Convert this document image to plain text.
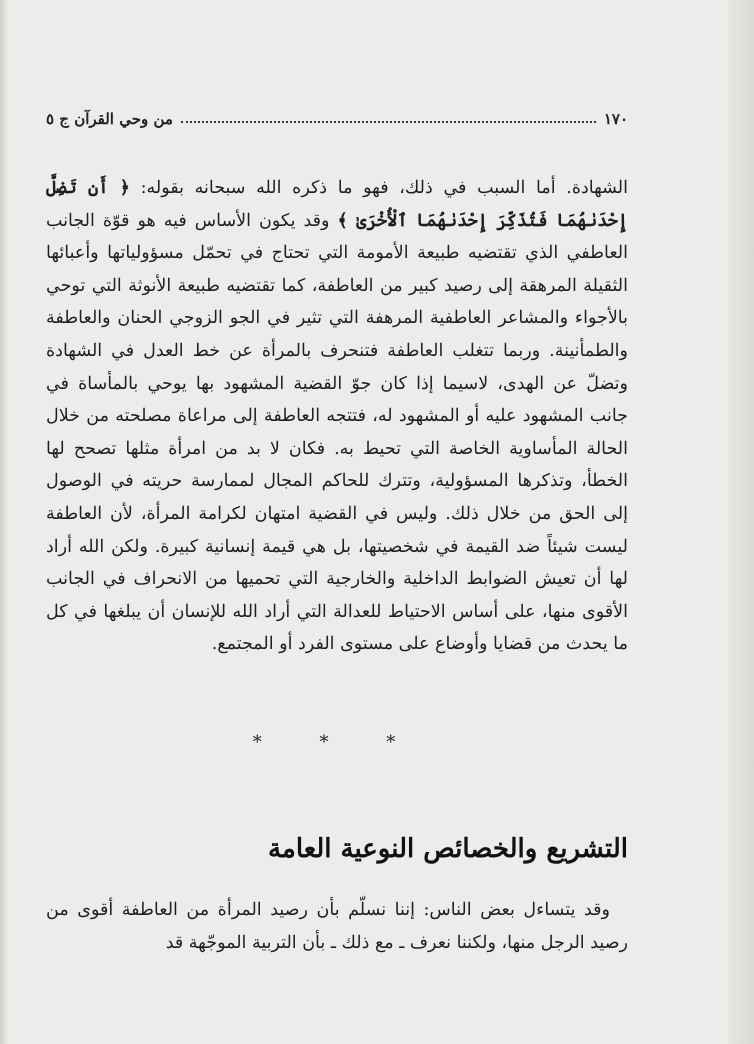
١٧٠
من وحي القرآن ج ٥

الشهادة. أما السبب في ذلك، فهو ما ذكره الله سبحانه بقوله: ﴿ أَن تَضِلَّ إِحْدَىٰهُمَا فَتُذَكِّرَ إِحْدَىٰهُمَا ٱلْأُخْرَىٰ ﴾ وقد يكون الأساس فيه هو قوّة الجانب العاطفي الذي تقتضيه طبيعة الأمومة التي تحتاج في تحمّل مسؤولياتها وأعبائها الثقيلة المرهقة إلى رصيد كبير من العاطفة، كما تقتضيه طبيعة الأنوثة التي توحي بالأجواء والمشاعر العاطفية المرهفة التي تثير في الجو الزوجي الحنان والعاطفة والطمأنينة. وربما تتغلب العاطفة فتنحرف بالمرأة عن خط العدل في الشهادة وتضلّ عن الهدى، لاسيما إذا كان جوّ القضية المشهود بها يوحي بالمأساة في جانب المشهود عليه أو المشهود له، فتتجه العاطفة إلى مراعاة مصلحته من خلال الحالة المأساوية الخاصة التي تحيط به. فكان لا بد من امرأة مثلها تصحح لها الخطأ، وتذكرها المسؤولية، وتترك للحاكم المجال لممارسة حريته في الوصول إلى الحق من خلال ذلك. وليس في القضية امتهان لكرامة المرأة، لأن العاطفة ليست شيئاً ضد القيمة في شخصيتها، بل هي قيمة إنسانية كبيرة. ولكن الله أراد لها أن تعيش الضوابط الداخلية والخارجية التي تحميها من الانحراف في الجانب الأقوى منها، على أساس الاحتياط للعدالة التي أراد الله للإنسان أن يبلغها في كل ما يحدث من قضايا وأوضاع على مستوى الفرد أو المجتمع.

* * *
التشريع والخصائص النوعية العامة

وقد يتساءل بعض الناس: إننا نسلّم بأن رصيد المرأة من العاطفة أقوى من رصيد الرجل منها، ولكننا نعرف ـ مع ذلك ـ بأن التربية الموجّهة قد
